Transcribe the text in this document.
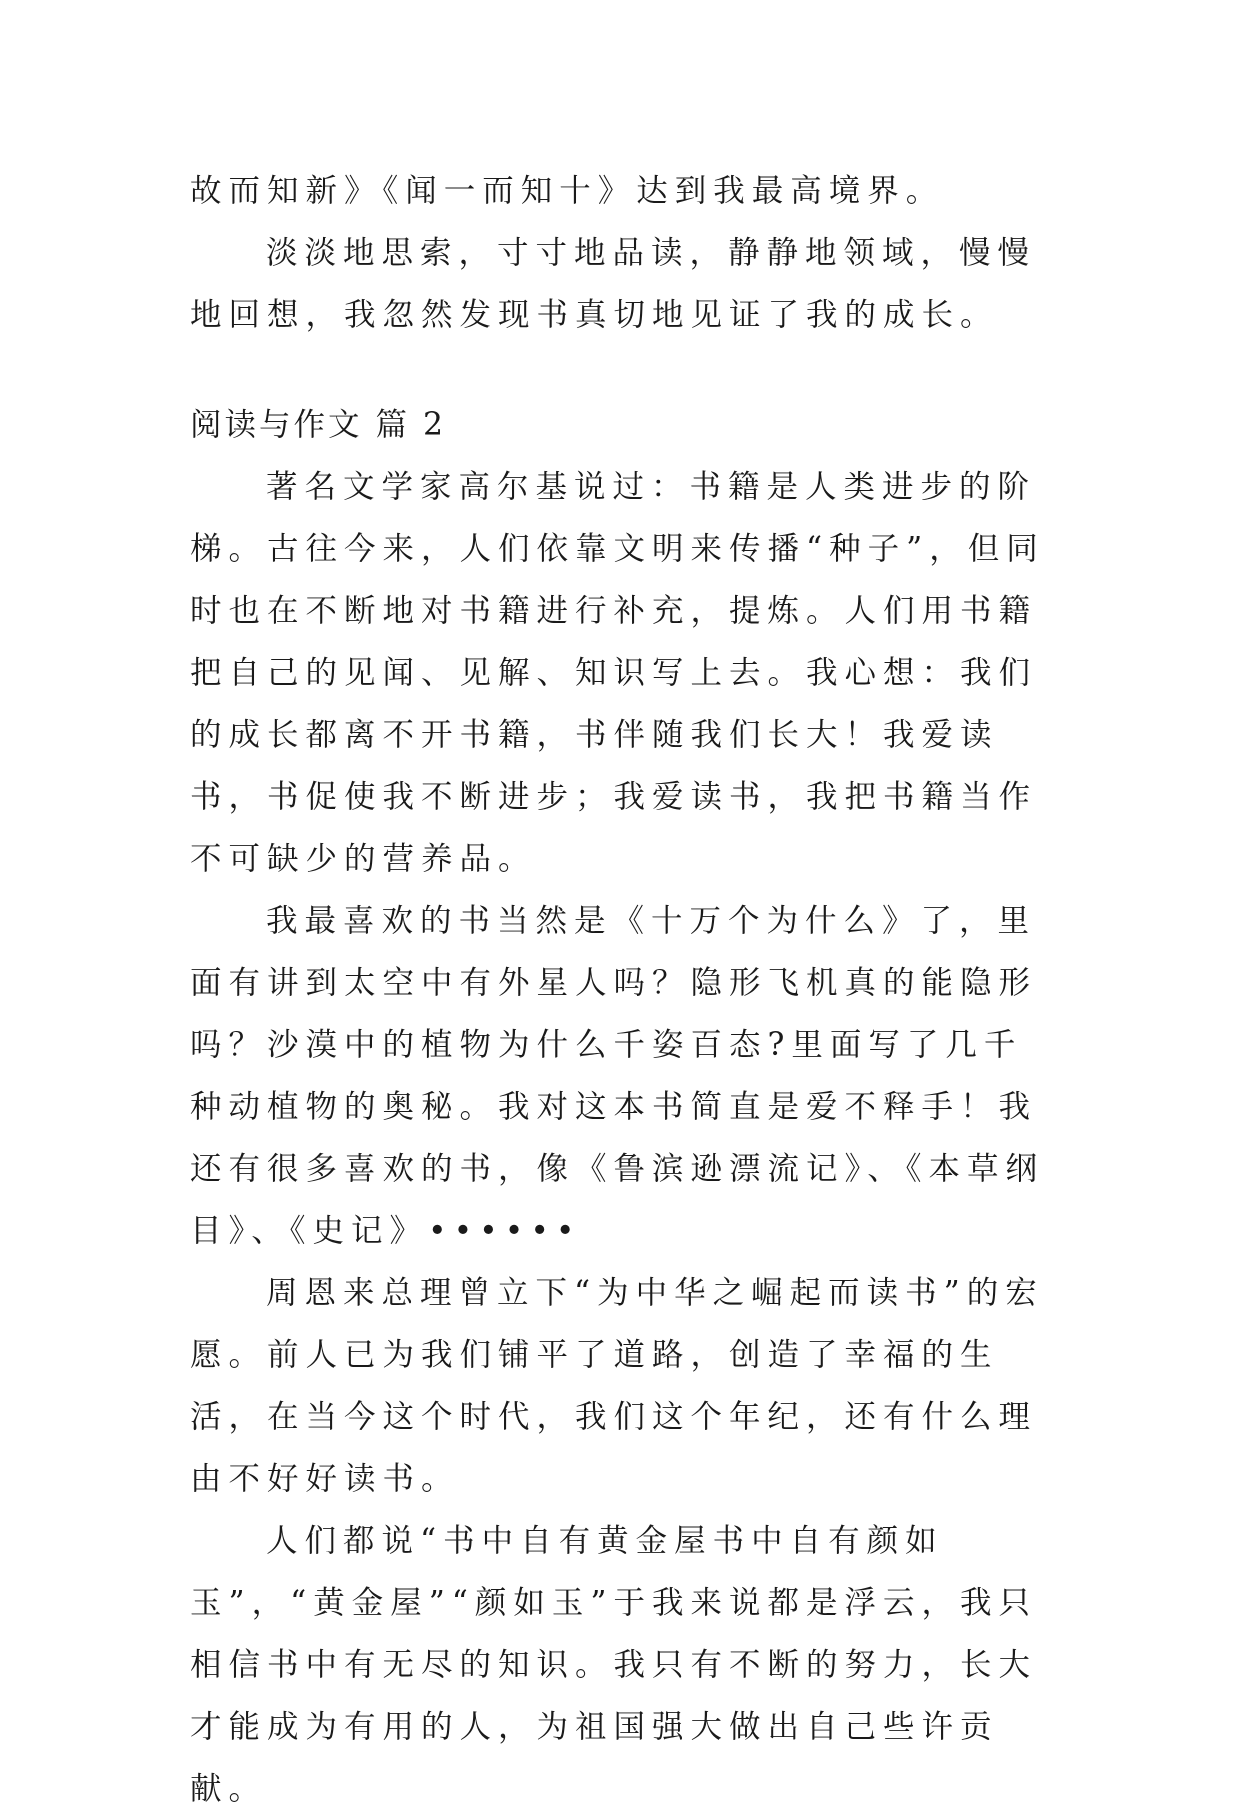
故而知新》《闻一而知十》达到我最高境界。

淡淡地思索，寸寸地品读，静静地领域，慢慢地回想，我忽然发现书真切地见证了我的成长。

阅读与作文 篇 2

著名文学家高尔基说过：书籍是人类进步的阶梯。古往今来，人们依靠文明来传播“种子”，但同时也在不断地对书籍进行补充，提炼。人们用书籍把自己的见闻、见解、知识写上去。我心想：我们的成长都离不开书籍，书伴随我们长大！我爱读书，书促使我不断进步；我爱读书，我把书籍当作不可缺少的营养品。

我最喜欢的书当然是《十万个为什么》了，里面有讲到太空中有外星人吗？隐形飞机真的能隐形吗？沙漠中的植物为什么千姿百态?里面写了几千种动植物的奥秘。我对这本书简直是爱不释手！我还有很多喜欢的书，像《鲁滨逊漂流记》、《本草纲目》、《史记》••••••

周恩来总理曾立下“为中华之崛起而读书”的宏愿。前人已为我们铺平了道路，创造了幸福的生活，在当今这个时代，我们这个年纪，还有什么理由不好好读书。

人们都说“书中自有黄金屋书中自有颜如玉”，“黄金屋”“颜如玉”于我来说都是浮云，我只相信书中有无尽的知识。我只有不断的努力，长大才能成为有用的人，为祖国强大做出自己些许贡献。
